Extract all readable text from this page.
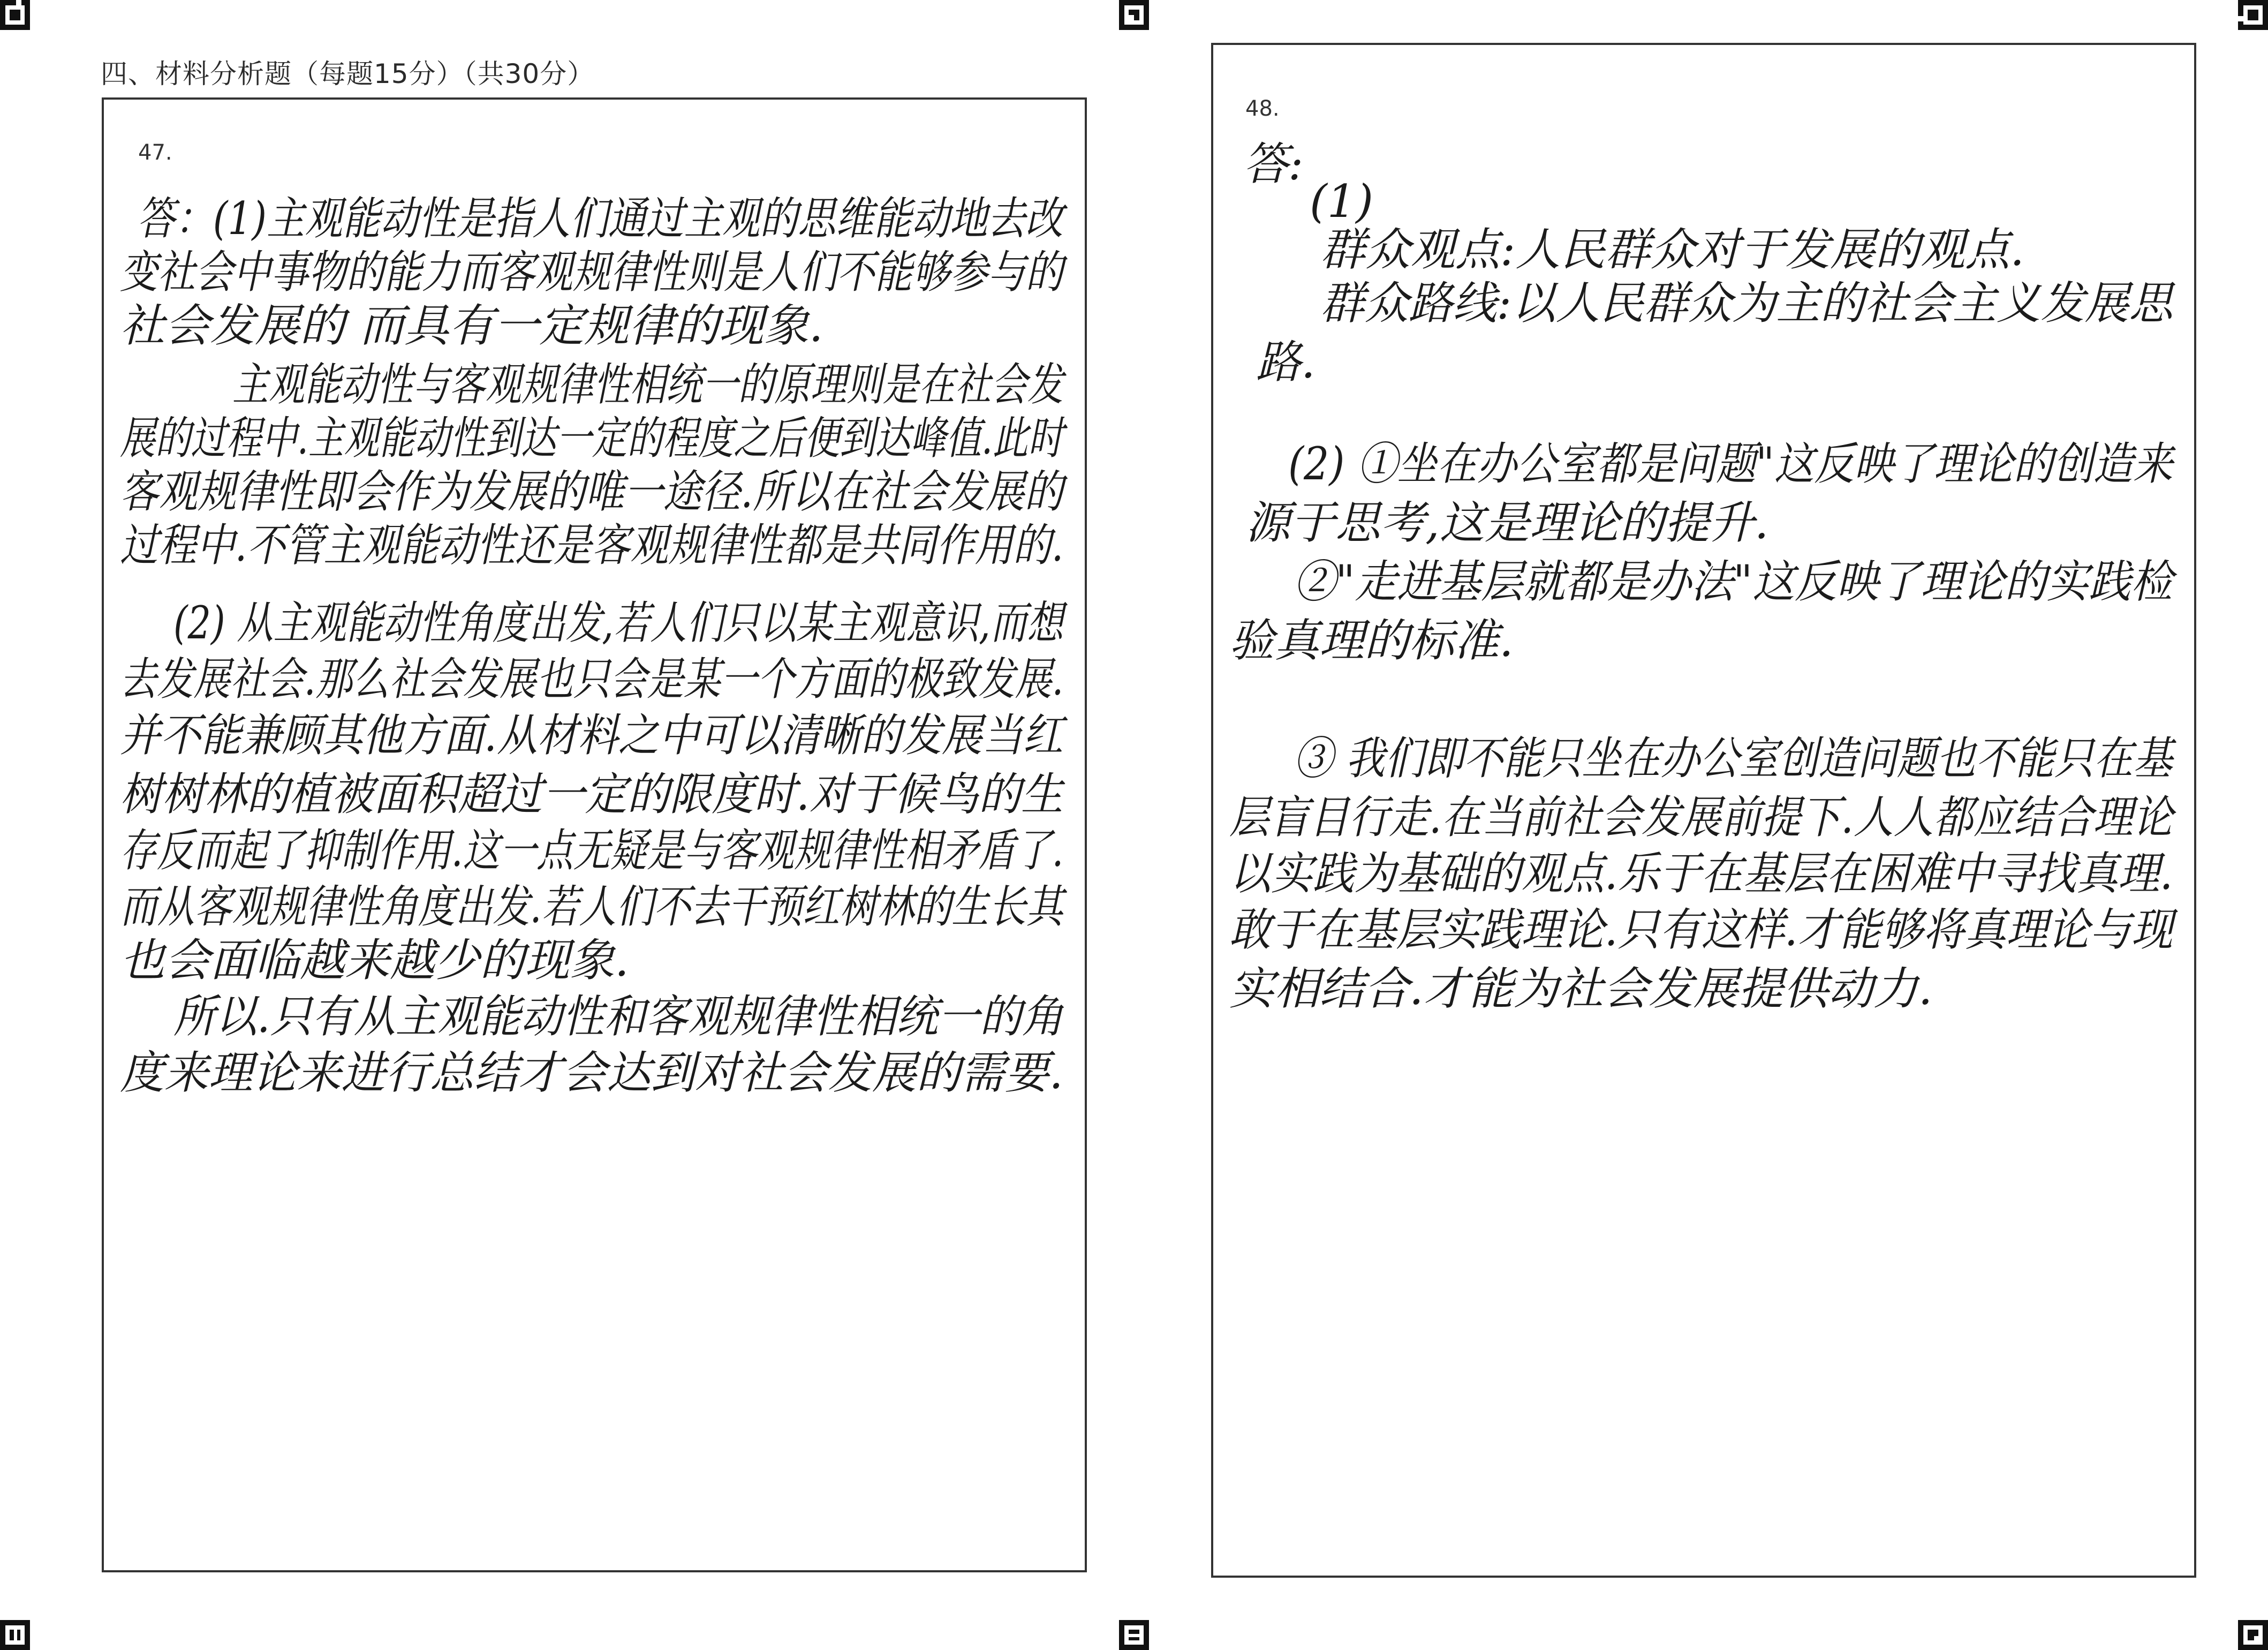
四、材料分析题（每题15分）（共30分）
47.
答：(1)主观能动性是指人们通过主观的思维能动地去改
变社会中事物的能力而客观规律性则是人们不能够参与的
社会发展的 而具有一定规律的现象.
主观能动性与客观规律性相统一的原理则是在社会发
展的过程中.主观能动性到达一定的程度之后便到达峰值.此时
客观规律性即会作为发展的唯一途径.所以在社会发展的
过程中.不管主观能动性还是客观规律性都是共同作用的.
(2) 从主观能动性角度出发,若人们只以某主观意识,而想
去发展社会.那么社会发展也只会是某一个方面的极致发展.
并不能兼顾其他方面.从材料之中可以清晰的发展当红
树树林的植被面积超过一定的限度时.对于候鸟的生
存反而起了抑制作用.这一点无疑是与客观规律性相矛盾了.
而从客观规律性角度出发.若人们不去干预红树林的生长其
也会面临越来越少的现象.
所以.只有从主观能动性和客观规律性相统一的角
度来理论来进行总结才会达到对社会发展的需要.
48.
答:
(1)
群众观点:人民群众对于发展的观点.
群众路线:以人民群众为主的社会主义发展思
路.
(2) ①坐在办公室都是问题"这反映了理论的创造来
源于思考,这是理论的提升.
②"走进基层就都是办法"这反映了理论的实践检
验真理的标准.
③ 我们即不能只坐在办公室创造问题也不能只在基
层盲目行走.在当前社会发展前提下.人人都应结合理论
以实践为基础的观点.乐于在基层在困难中寻找真理.
敢于在基层实践理论.只有这样.才能够将真理论与现
实相结合.才能为社会发展提供动力.
